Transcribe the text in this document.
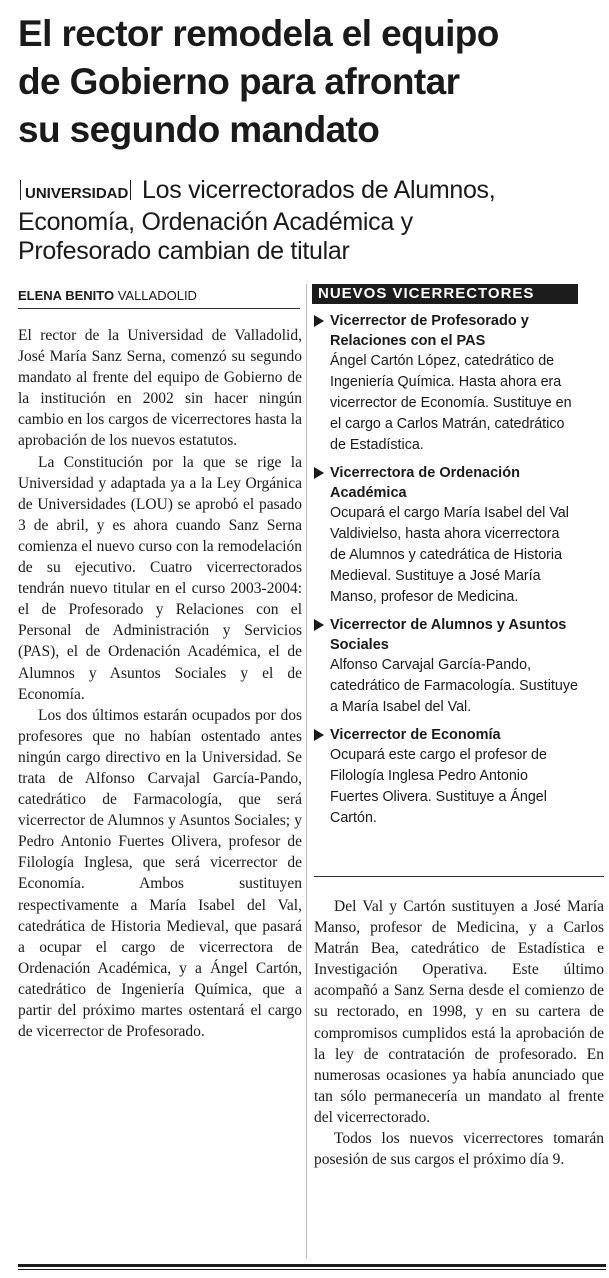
El rector remodela el equipo
de Gobierno para afrontar
su segundo mandato
UNIVERSIDAD Los vicerrectorados de Alumnos,
Economía, Ordenación Académica y
Profesorado cambian de titular
ELENA BENITO VALLADOLID

El rector de la Universidad de Valladolid, José María Sanz Serna, comenzó su segundo mandato al frente del equipo de Gobierno de la institución en 2002 sin hacer ningún cambio en los cargos de vicerrectores hasta la aprobación de los nuevos estatutos.

La Constitución por la que se rige la Universidad y adaptada ya a la Ley Orgánica de Universidades (LOU) se aprobó el pasado 3 de abril, y es ahora cuando Sanz Serna comienza el nuevo curso con la remodelación de su ejecutivo. Cuatro vicerrectorados tendrán nuevo titular en el curso 2003-2004: el de Profesorado y Relaciones con el Personal de Administración y Servicios (PAS), el de Ordenación Académica, el de Alumnos y Asuntos Sociales y el de Economía.

Los dos últimos estarán ocupados por dos profesores que no habían ostentado antes ningún cargo directivo en la Universidad. Se trata de Alfonso Carvajal García-Pando, catedrático de Farmacología, que será vicerrector de Alumnos y Asuntos Sociales; y Pedro Antonio Fuertes Olivera, profesor de Filología Inglesa, que será vicerrector de Economía. Ambos sustituyen respectivamente a María Isabel del Val, catedrática de Historia Medieval, que pasará a ocupar el cargo de vicerrectora de Ordenación Académica, y a Ángel Cartón, catedrático de Ingeniería Química, que a partir del próximo martes ostentará el cargo de vicerrector de Profesorado.

NUEVOS VICERRECTORES
Vicerrector de Profesorado y Relaciones con el PAS
Ángel Cartón López, catedrático de Ingeniería Química. Hasta ahora era vicerrector de Economía. Sustituye en el cargo a Carlos Matrán, catedrático de Estadística.
Vicerrectora de Ordenación Académica
Ocupará el cargo María Isabel del Val Valdivielso, hasta ahora vicerrectora de Alumnos y catedrática de Historia Medieval. Sustituye a José María Manso, profesor de Medicina.
Vicerrector de Alumnos y Asuntos Sociales
Alfonso Carvajal García-Pando, catedrático de Farmacología. Sustituye a María Isabel del Val.
Vicerrector de Economía
Ocupará este cargo el profesor de Filología Inglesa Pedro Antonio Fuertes Olivera. Sustituye a Ángel Cartón.

Del Val y Cartón sustituyen a José María Manso, profesor de Medicina, y a Carlos Matrán Bea, catedrático de Estadística e Investigación Operativa. Este último acompañó a Sanz Serna desde el comienzo de su rectorado, en 1998, y en su cartera de compromisos cumplidos está la aprobación de la ley de contratación de profesorado. En numerosas ocasiones ya había anunciado que tan sólo permanecería un mandato al frente del vicerrectorado.

Todos los nuevos vicerrectores tomarán posesión de sus cargos el próximo día 9.
